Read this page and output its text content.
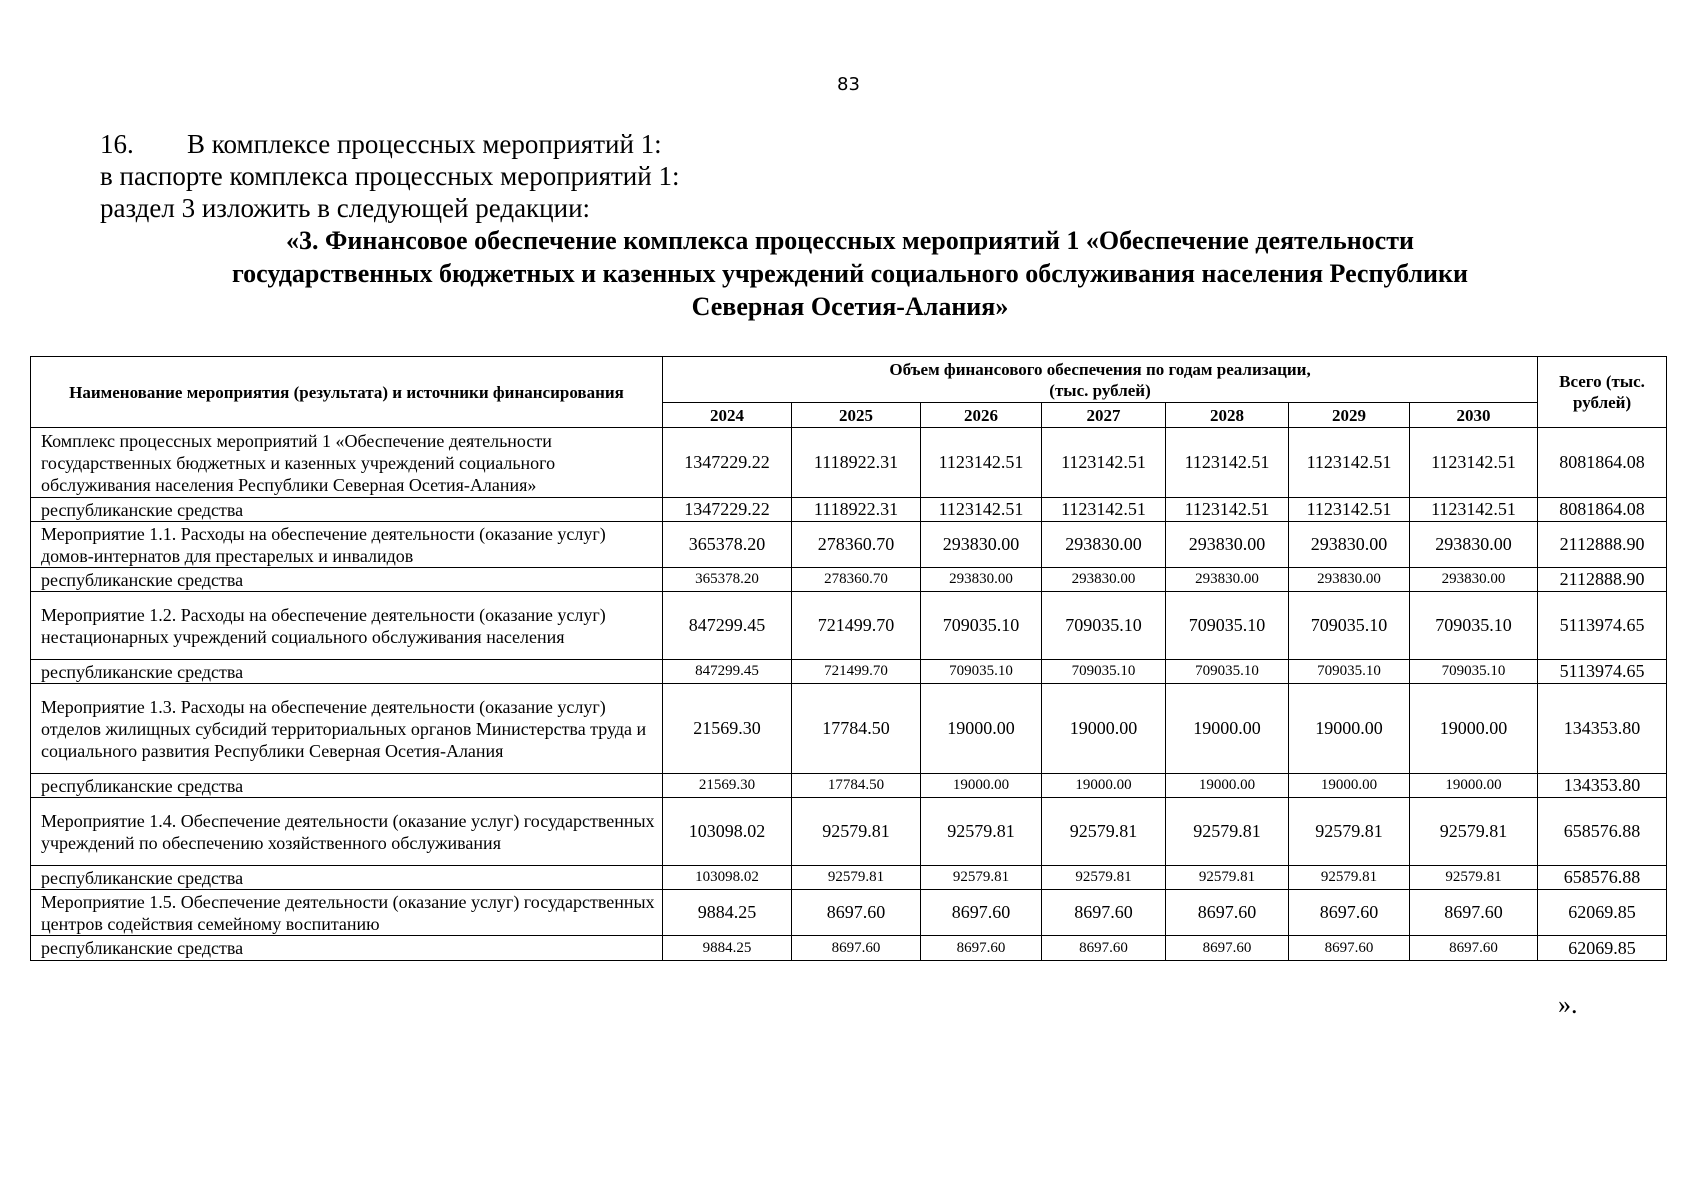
83
16. В комплексе процессных мероприятий 1:
в паспорте комплекса процессных мероприятий 1:
раздел 3 изложить в следующей редакции:
«3. Финансовое обеспечение комплекса процессных мероприятий 1 «Обеспечение деятельности
государственных бюджетных и казенных учреждений социального обслуживания населения Республики
Северная Осетия-Алания»
Наименование мероприятия (результата) и источники финансирования	Объем финансового обеспечения по годам реализации,
(тыс. рублей)							Всего (тыс. рублей)
	2024	2025	2026	2027	2028	2029	2030	
Комплекс процессных мероприятий 1 «Обеспечение деятельности государственных бюджетных и казенных учреждений социального обслуживания населения Республики Северная Осетия-Алания»	1347229.22	1118922.31	1123142.51	1123142.51	1123142.51	1123142.51	1123142.51	8081864.08
республиканские средства	1347229.22	1118922.31	1123142.51	1123142.51	1123142.51	1123142.51	1123142.51	8081864.08
Мероприятие 1.1. Расходы на обеспечение деятельности (оказание услуг) домов-интернатов для престарелых и инвалидов	365378.20	278360.70	293830.00	293830.00	293830.00	293830.00	293830.00	2112888.90
республиканские средства	365378.20	278360.70	293830.00	293830.00	293830.00	293830.00	293830.00	2112888.90
Мероприятие 1.2. Расходы на обеспечение деятельности (оказание услуг) нестационарных учреждений социального обслуживания населения	847299.45	721499.70	709035.10	709035.10	709035.10	709035.10	709035.10	5113974.65
республиканские средства	847299.45	721499.70	709035.10	709035.10	709035.10	709035.10	709035.10	5113974.65
Мероприятие 1.3. Расходы на обеспечение деятельности (оказание услуг) отделов жилищных субсидий территориальных органов Министерства труда и социального развития Республики Северная Осетия-Алания	21569.30	17784.50	19000.00	19000.00	19000.00	19000.00	19000.00	134353.80
республиканские средства	21569.30	17784.50	19000.00	19000.00	19000.00	19000.00	19000.00	134353.80
Мероприятие 1.4. Обеспечение деятельности (оказание услуг) государственных учреждений по обеспечению хозяйственного обслуживания	103098.02	92579.81	92579.81	92579.81	92579.81	92579.81	92579.81	658576.88
республиканские средства	103098.02	92579.81	92579.81	92579.81	92579.81	92579.81	92579.81	658576.88
Мероприятие 1.5. Обеспечение деятельности (оказание услуг) государственных центров содействия семейному воспитанию	9884.25	8697.60	8697.60	8697.60	8697.60	8697.60	8697.60	62069.85
республиканские средства	9884.25	8697.60	8697.60	8697.60	8697.60	8697.60	8697.60	62069.85
».
